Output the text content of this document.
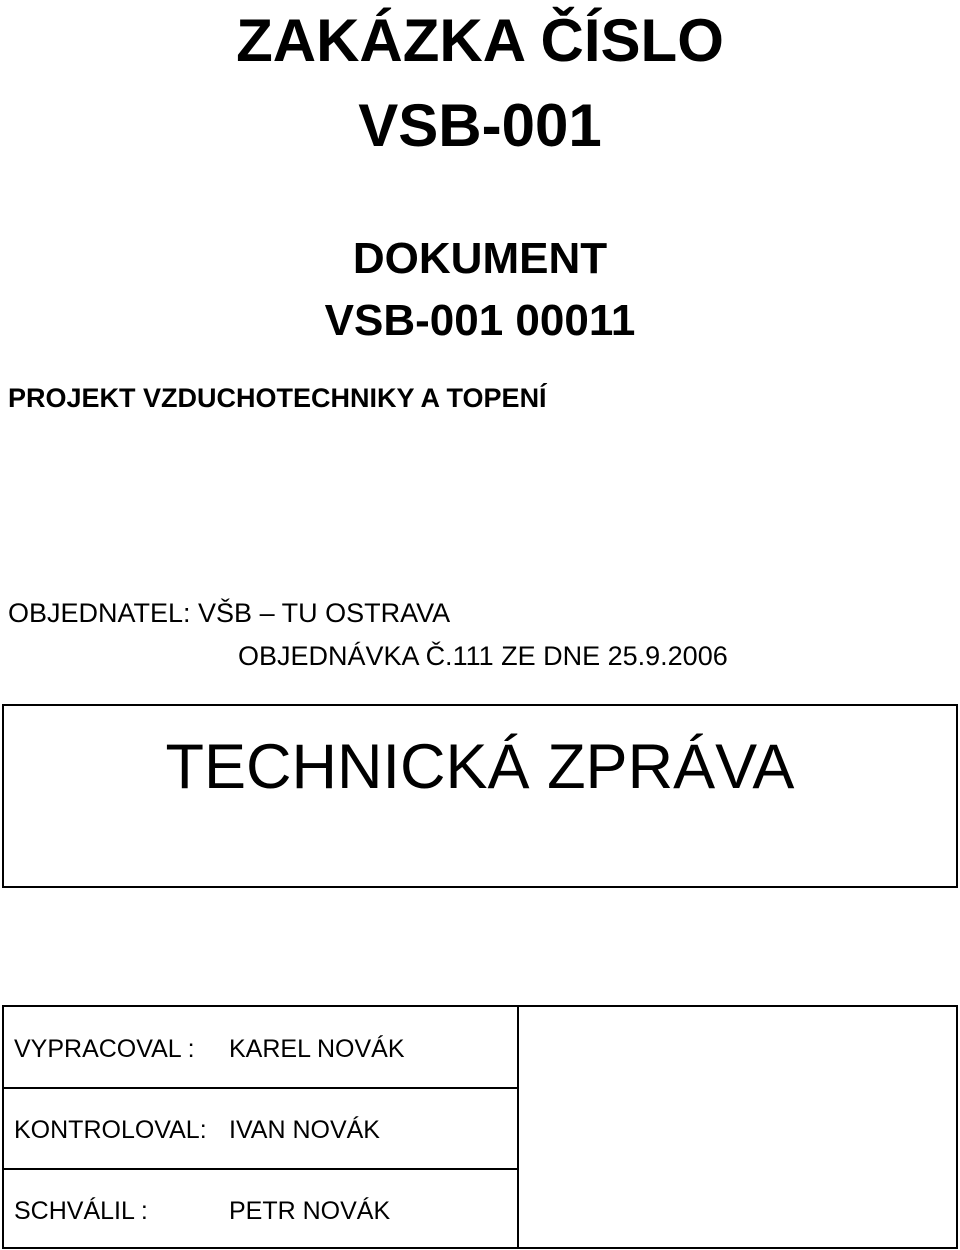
ZAKÁZKA ČÍSLO
VSB-001
DOKUMENT
VSB-001 00011
PROJEKT VZDUCHOTECHNIKY A TOPENÍ
OBJEDNATEL: VŠB – TU OSTRAVA
OBJEDNÁVKA Č.111 ZE DNE 25.9.2006
TECHNICKÁ ZPRÁVA
VYPRACOVAL : KAREL NOVÁK
KONTROLOVAL: IVAN NOVÁK
SCHVÁLIL :	PETR NOVÁK
